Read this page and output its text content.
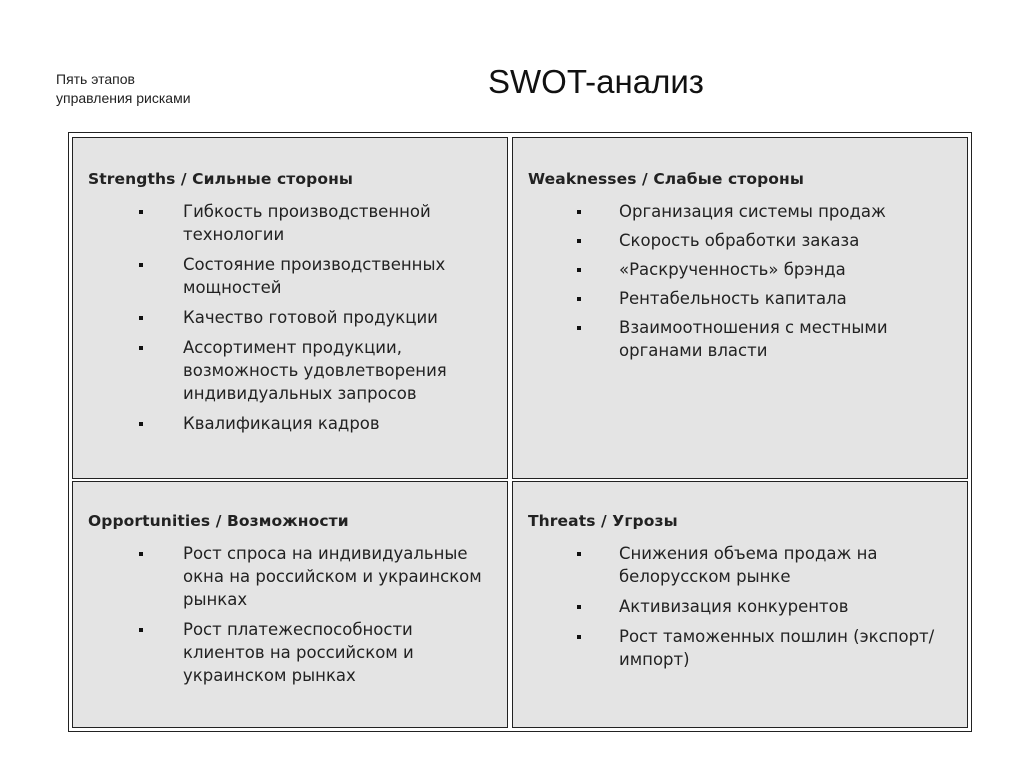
Пять этапов
управления рисками	SWOT-анализ
Strengths / Сильные стороны
Гибкость производственной технологии
Состояние производственных мощностей
Качество готовой продукции
Ассортимент продукции, возможность удовлетворения индивидуальных запросов
Квалификация кадров
Weaknesses / Слабые стороны
Организация системы продаж
Скорость обработки заказа
«Раскрученность» брэнда
Рентабельность капитала
Взаимоотношения с местными органами власти
Opportunities / Возможности
Рост спроса на индивидуальные окна на российском и украинском рынках
Рост платежеспособности клиентов на российском и украинском рынках
Threats / Угрозы
Снижения объема продаж на белорусском рынке
Активизация конкурентов
Рост таможенных пошлин (экспорт/импорт)
